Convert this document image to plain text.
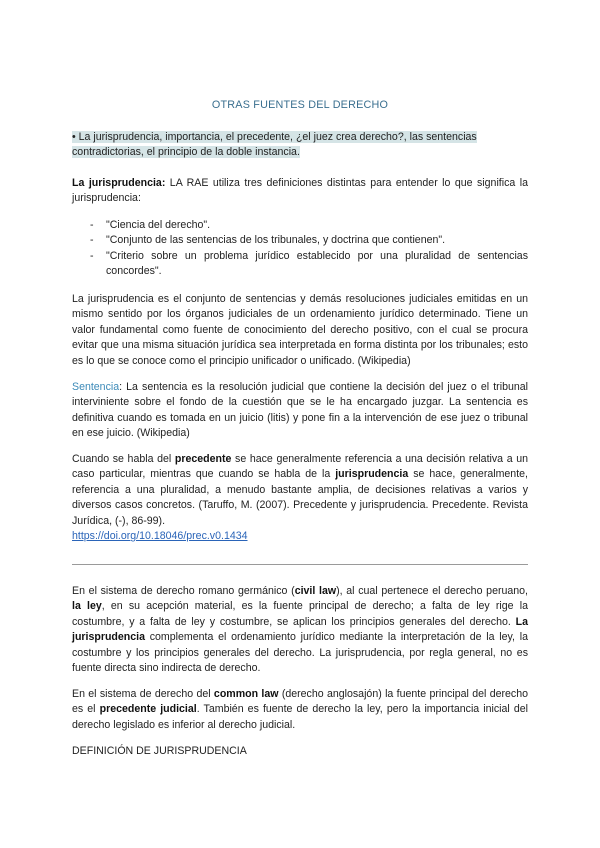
OTRAS FUENTES DEL DERECHO
• La jurisprudencia, importancia, el precedente, ¿el juez crea derecho?, las sentencias
contradictorias, el principio de la doble instancia.
La jurisprudencia: LA RAE utiliza tres definiciones distintas para entender lo que significa la jurisprudencia:
- "Ciencia del derecho".
- "Conjunto de las sentencias de los tribunales, y doctrina que contienen".
- "Criterio sobre un problema jurídico establecido por una pluralidad de sentencias concordes".
La jurisprudencia es el conjunto de sentencias y demás resoluciones judiciales emitidas en un mismo sentido por los órganos judiciales de un ordenamiento jurídico determinado. Tiene un valor fundamental como fuente de conocimiento del derecho positivo, con el cual se procura evitar que una misma situación jurídica sea interpretada en forma distinta por los tribunales; esto es lo que se conoce como el principio unificador o unificado. (Wikipedia)
Sentencia: La sentencia es la resolución judicial que contiene la decisión del juez o el tribunal interviniente sobre el fondo de la cuestión que se le ha encargado juzgar. La sentencia es definitiva cuando es tomada en un juicio (litis) y pone fin a la intervención de ese juez o tribunal en ese juicio. (Wikipedia)
Cuando se habla del precedente se hace generalmente referencia a una decisión relativa a un caso particular, mientras que cuando se habla de la jurisprudencia se hace, generalmente, referencia a una pluralidad, a menudo bastante amplia, de decisiones relativas a varios y diversos casos concretos. (Taruffo, M. (2007). Precedente y jurisprudencia. Precedente. Revista Jurídica, (-), 86-99).
https://doi.org/10.18046/prec.v0.1434
En el sistema de derecho romano germánico (civil law), al cual pertenece el derecho peruano, la ley, en su acepción material, es la fuente principal de derecho; a falta de ley rige la costumbre, y a falta de ley y costumbre, se aplican los principios generales del derecho. La jurisprudencia complementa el ordenamiento jurídico mediante la interpretación de la ley, la costumbre y los principios generales del derecho. La jurisprudencia, por regla general, no es fuente directa sino indirecta de derecho.
En el sistema de derecho del common law (derecho anglosajón) la fuente principal del derecho es el precedente judicial. También es fuente de derecho la ley, pero la importancia inicial del derecho legislado es inferior al derecho judicial.
DEFINICIÓN DE JURISPRUDENCIA
